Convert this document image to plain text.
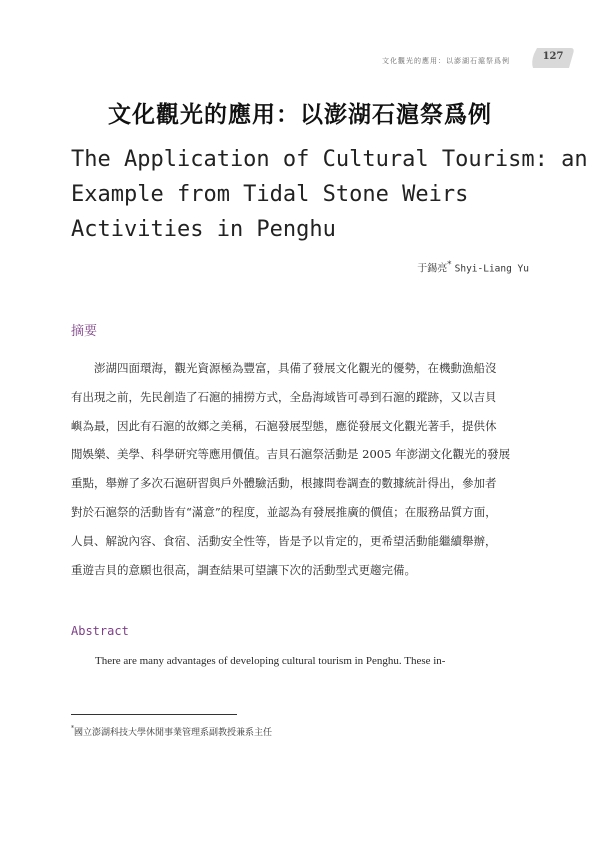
文化觀光的應用：以澎湖石滬祭爲例	127
文化觀光的應用：以澎湖石滬祭爲例
The Application of Cultural Tourism: an
Example from Tidal Stone Weirs
Activities in Penghu
于錫亮* Shyi-Liang Yu
摘要
　　澎湖四面環海，觀光資源極為豐富，具備了發展文化觀光的優勢，在機動漁船沒
有出現之前，先民創造了石滬的捕撈方式，全島海域皆可尋到石滬的蹤跡，又以吉貝
嶼為最，因此有石滬的故鄉之美稱，石滬發展型態，應從發展文化觀光著手，提供休
閒娛樂、美學、科學研究等應用價值。吉貝石滬祭活動是 2005 年澎湖文化觀光的發展
重點，舉辦了多次石滬研習與戶外體驗活動，根據問卷調查的數據統計得出，參加者
對於石滬祭的活動皆有“滿意”的程度，並認為有發展推廣的價值；在服務品質方面，
人員、解說內容、食宿、活動安全性等，皆是予以肯定的，更希望活動能繼續舉辦，
重遊吉貝的意願也很高，調查結果可望讓下次的活動型式更趨完備。
Abstract
There are many advantages of developing cultural tourism in Penghu. These in-
*國立澎湖科技大學休閒事業管理系副教授兼系主任
